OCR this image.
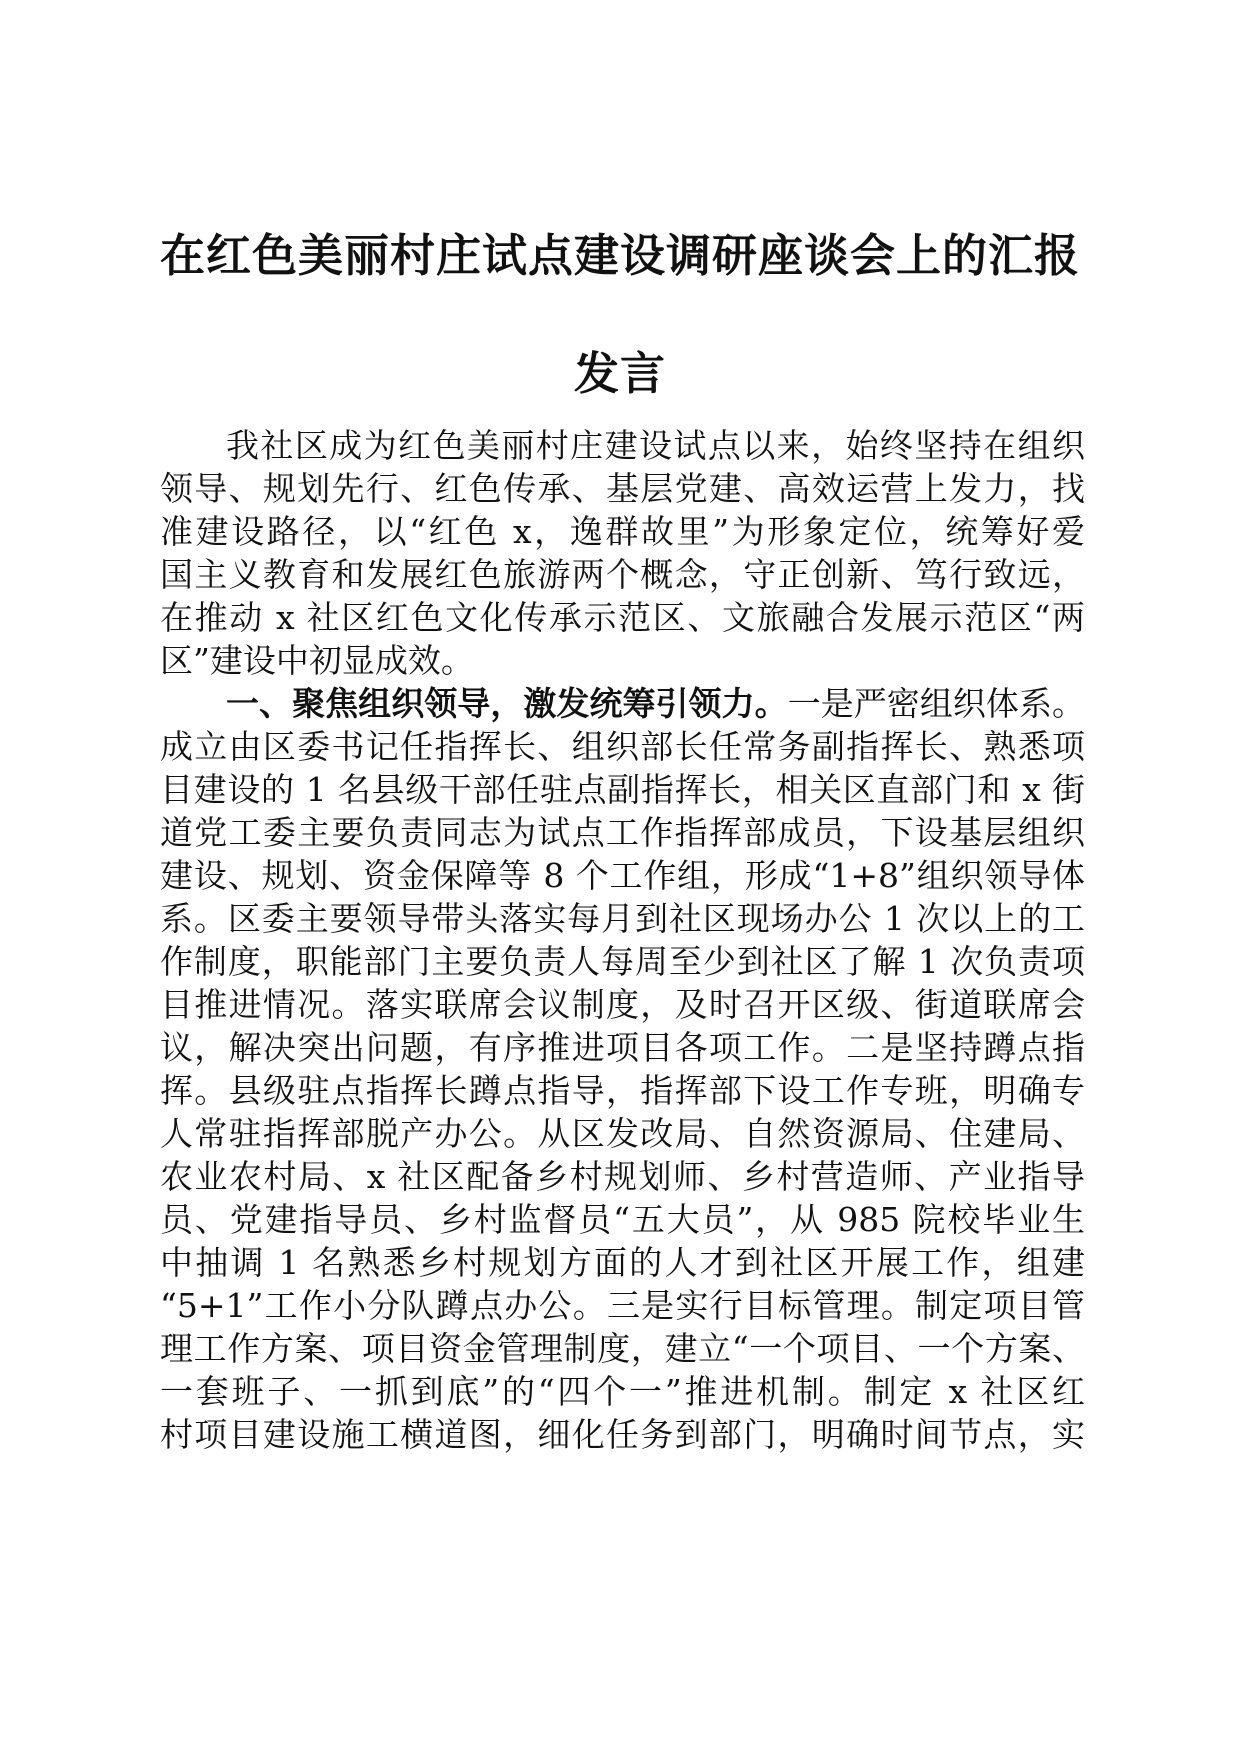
在红色美丽村庄试点建设调研座谈会上的汇报
发言

我社区成为红色美丽村庄建设试点以来，始终坚持在组织

领导、规划先行、红色传承、基层党建、高效运营上发力，找

准建设路径，以“红色 x，逸群故里”为形象定位，统筹好爱

国主义教育和发展红色旅游两个概念，守正创新、笃行致远，

在推动 x 社区红色文化传承示范区、文旅融合发展示范区“两

区”建设中初显成效。

一、聚焦组织领导，激发统筹引领力。一是严密组织体系。

成立由区委书记任指挥长、组织部长任常务副指挥长、熟悉项

目建设的 1 名县级干部任驻点副指挥长，相关区直部门和 x 街

道党工委主要负责同志为试点工作指挥部成员，下设基层组织

建设、规划、资金保障等 8 个工作组，形成“1+8”组织领导体

系。区委主要领导带头落实每月到社区现场办公 1 次以上的工

作制度，职能部门主要负责人每周至少到社区了解 1 次负责项

目推进情况。落实联席会议制度，及时召开区级、街道联席会

议，解决突出问题，有序推进项目各项工作。二是坚持蹲点指

挥。县级驻点指挥长蹲点指导，指挥部下设工作专班，明确专

人常驻指挥部脱产办公。从区发改局、自然资源局、住建局、

农业农村局、x 社区配备乡村规划师、乡村营造师、产业指导

员、党建指导员、乡村监督员“五大员”，从 985 院校毕业生

中抽调 1 名熟悉乡村规划方面的人才到社区开展工作，组建

“5+1”工作小分队蹲点办公。三是实行目标管理。制定项目管

理工作方案、项目资金管理制度，建立“一个项目、一个方案、

一套班子、一抓到底”的“四个一”推进机制。制定 x 社区红

村项目建设施工横道图，细化任务到部门，明确时间节点，实
